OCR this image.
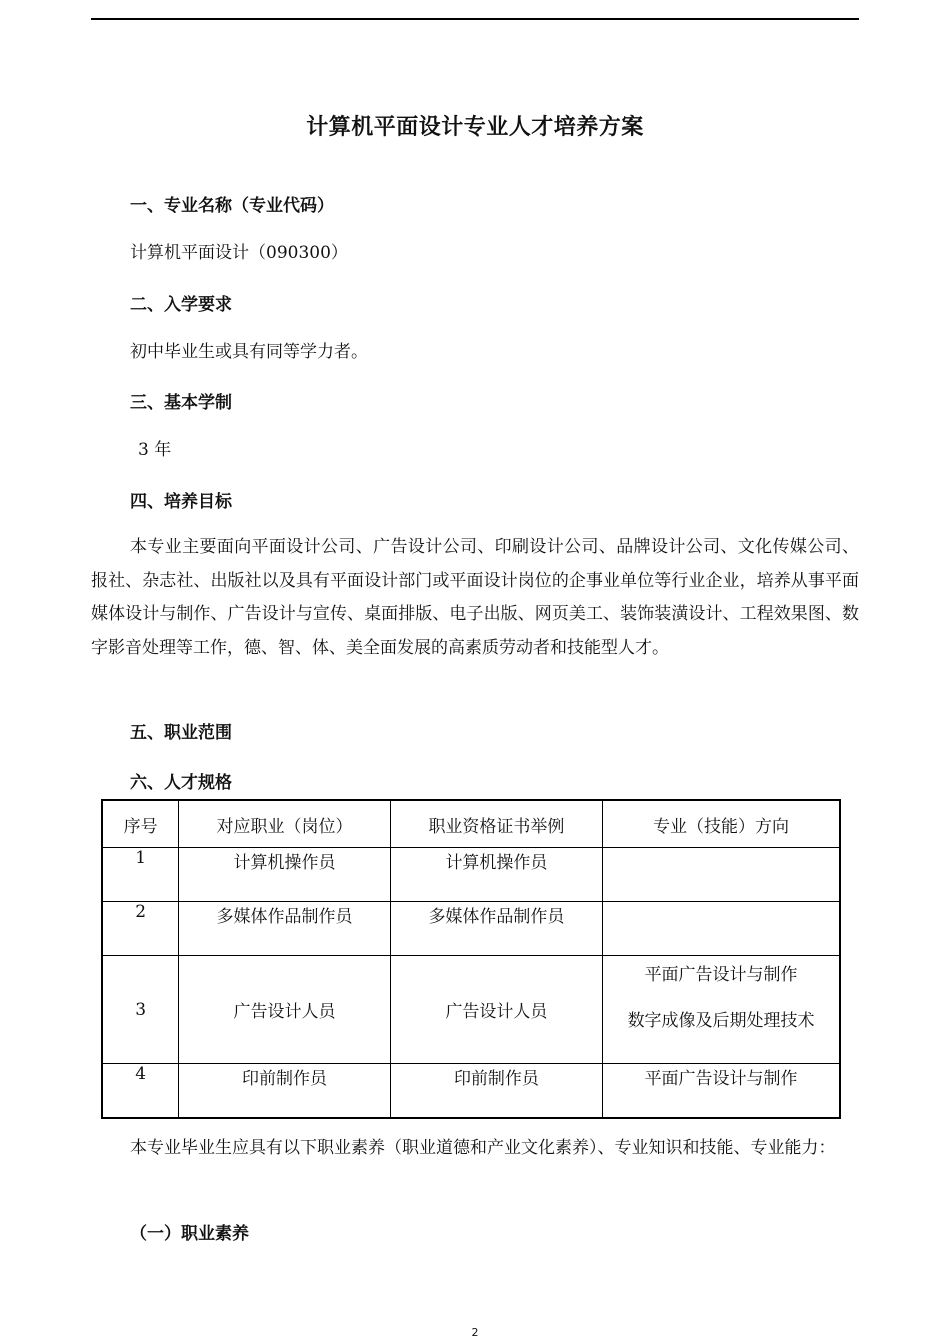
计算机平面设计专业人才培养方案
一、专业名称（专业代码）
计算机平面设计（090300）
二、入学要求
初中毕业生或具有同等学力者。
三、基本学制
3 年
四、培养目标
本专业主要面向平面设计公司、广告设计公司、印刷设计公司、品牌设计公司、文化传媒公司、报社、杂志社、出版社以及具有平面设计部门或平面设计岗位的企事业单位等行业企业，培养从事平面媒体设计与制作、广告设计与宣传、桌面排版、电子出版、网页美工、装饰装潢设计、工程效果图、数字影音处理等工作，德、智、体、美全面发展的高素质劳动者和技能型人才。
五、职业范围
六、人才规格
序号	对应职业（岗位）	职业资格证书举例	专业（技能）方向
1	计算机操作员	计算机操作员	
2	多媒体作品制作员	多媒体作品制作员	
3	广告设计人员	广告设计人员	平面广告设计与制作
数字成像及后期处理技术

4	印前制作员	印前制作员	平面广告设计与制作
本专业毕业生应具有以下职业素养（职业道德和产业文化素养）、专业知识和技能、专业能力：
（一）职业素养
2
